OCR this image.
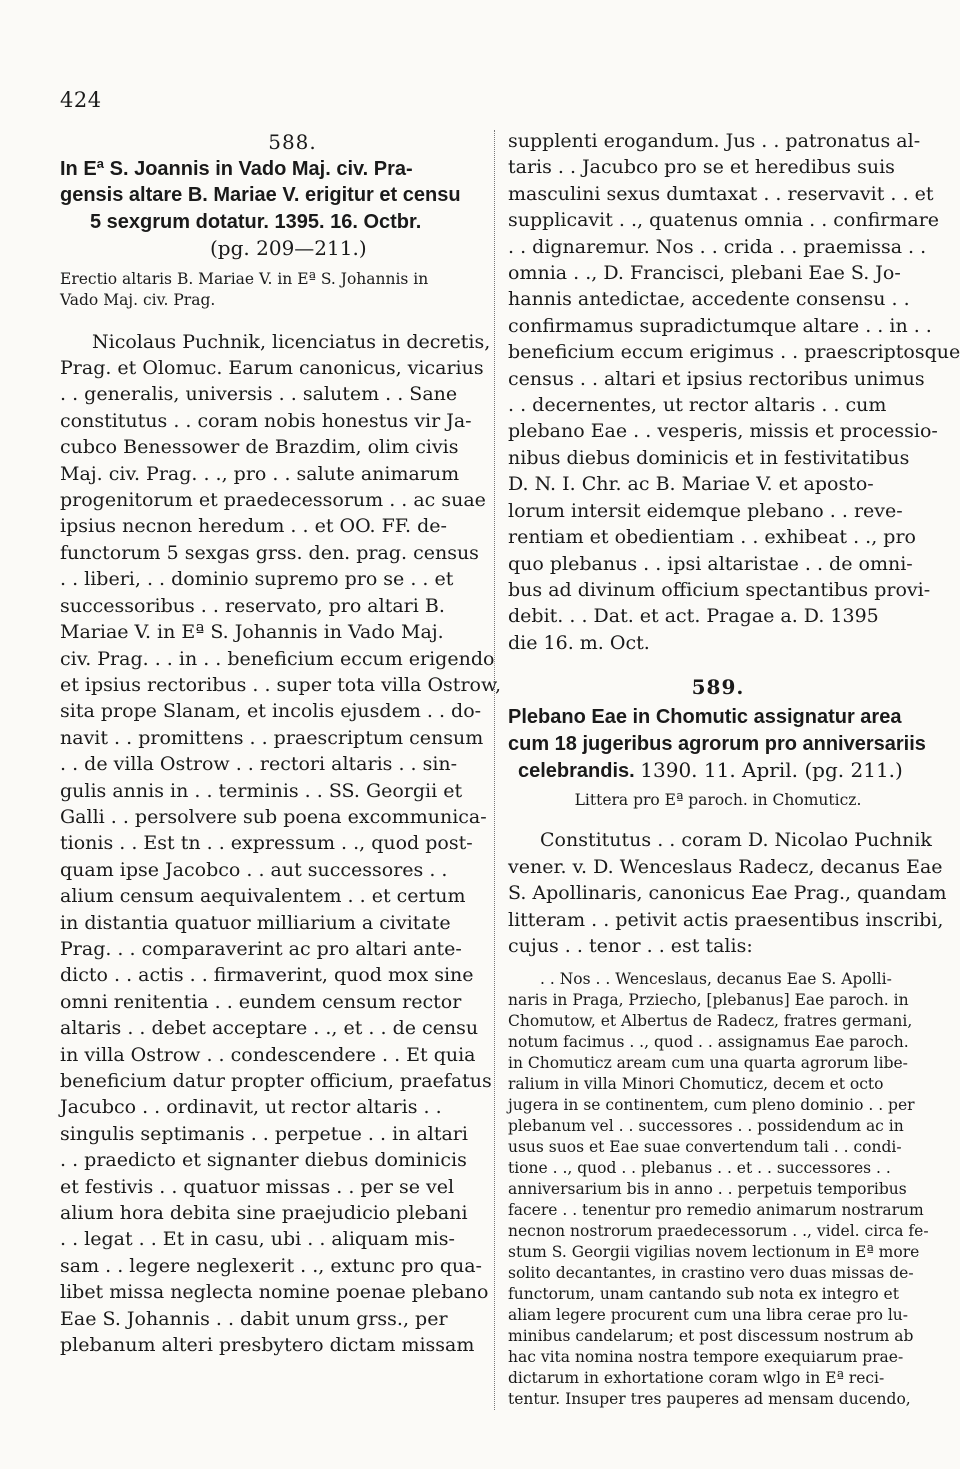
424
588.
In Eª S. Joannis in Vado Maj. civ. Pra-
gensis altare B. Mariae V. erigitur et censu
5 sexgrum dotatur. 1395. 16. Octbr.
(pg. 209—211.)
Erectio altaris B. Mariae V. in Eª S. Johannis in
Vado Maj. civ. Prag.
Nicolaus Puchnik, licenciatus in decretis,
Prag. et Olomuc. Earum canonicus, vicarius
. . generalis, universis . . salutem . . Sane
constitutus . . coram nobis honestus vir Ja-
cubco Benessower de Brazdim, olim civis
Maj. civ. Prag. . ., pro . . salute animarum
progenitorum et praedecessorum . . ac suae
ipsius necnon heredum . . et OO. FF. de-
functorum 5 sexgas grss. den. prag. census
. . liberi, . . dominio supremo pro se . . et
successoribus . . reservato, pro altari B.
Mariae V. in Eª S. Johannis in Vado Maj.
civ. Prag. . . in . . beneficium eccum erigendo
et ipsius rectoribus . . super tota villa Ostrow,
sita prope Slanam, et incolis ejusdem . . do-
navit . . promittens . . praescriptum censum
. . de villa Ostrow . . rectori altaris . . sin-
gulis annis in . . terminis . . SS. Georgii et
Galli . . persolvere sub poena excommunica-
tionis . . Est tn . . expressum . ., quod post-
quam ipse Jacobco . . aut successores . .
alium censum aequivalentem . . et certum
in distantia quatuor milliarium a civitate
Prag. . . comparaverint ac pro altari ante-
dicto . . actis . . firmaverint, quod mox sine
omni renitentia . . eundem censum rector
altaris . . debet acceptare . ., et . . de censu
in villa Ostrow . . condescendere . . Et quia
beneficium datur propter officium, praefatus
Jacubco . . ordinavit, ut rector altaris . .
singulis septimanis . . perpetue . . in altari
. . praedicto et signanter diebus dominicis
et festivis . . quatuor missas . . per se vel
alium hora debita sine praejudicio plebani
. . legat . . Et in casu, ubi . . aliquam mis-
sam . . legere neglexerit . ., extunc pro qua-
libet missa neglecta nomine poenae plebano
Eae S. Johannis . . dabit unum grss., per
plebanum alteri presbytero dictam missam
supplenti erogandum. Jus . . patronatus al-
taris . . Jacubco pro se et heredibus suis
masculini sexus dumtaxat . . reservavit . . et
supplicavit . ., quatenus omnia . . confirmare
. . dignaremur. Nos . . crida . . praemissa . .
omnia . ., D. Francisci, plebani Eae S. Jo-
hannis antedictae, accedente consensu . .
confirmamus supradictumque altare . . in . .
beneficium eccum erigimus . . praescriptosque
census . . altari et ipsius rectoribus unimus
. . decernentes, ut rector altaris . . cum
plebano Eae . . vesperis, missis et processio-
nibus diebus dominicis et in festivitatibus
D. N. I. Chr. ac B. Mariae V. et aposto-
lorum intersit eidemque plebano . . reve-
rentiam et obedientiam . . exhibeat . ., pro
quo plebanus . . ipsi altaristae . . de omni-
bus ad divinum officium spectantibus provi-
debit. . . Dat. et act. Pragae a. D. 1395
die 16. m. Oct.
589.
Plebano Eae in Chomutic assignatur area
cum 18 jugeribus agrorum pro anniversariis
celebrandis. 1390. 11. April. (pg. 211.)
Littera pro Eª paroch. in Chomuticz.
Constitutus . . coram D. Nicolao Puchnik
vener. v. D. Wenceslaus Radecz, decanus Eae
S. Apollinaris, canonicus Eae Prag., quandam
litteram . . petivit actis praesentibus inscribi,
cujus . . tenor . . est talis:
. . Nos . . Wenceslaus, decanus Eae S. Apolli-
naris in Praga, Prziecho, [plebanus] Eae paroch. in
Chomutow, et Albertus de Radecz, fratres germani,
notum facimus . ., quod . . assignamus Eae paroch.
in Chomuticz aream cum una quarta agrorum libe-
ralium in villa Minori Chomuticz, decem et octo
jugera in se continentem, cum pleno dominio . . per
plebanum vel . . successores . . possidendum ac in
usus suos et Eae suae convertendum tali . . condi-
tione . ., quod . . plebanus . . et . . successores . .
anniversarium bis in anno . . perpetuis temporibus
facere . . tenentur pro remedio animarum nostrarum
necnon nostrorum praedecessorum . ., videl. circa fe-
stum S. Georgii vigilias novem lectionum in Eª more
solito decantantes, in crastino vero duas missas de-
functorum, unam cantando sub nota ex integro et
aliam legere procurent cum una libra cerae pro lu-
minibus candelarum; et post discessum nostrum ab
hac vita nomina nostra tempore exequiarum prae-
dictarum in exhortatione coram wlgo in Eª reci-
tentur. Insuper tres pauperes ad mensam ducendo,
